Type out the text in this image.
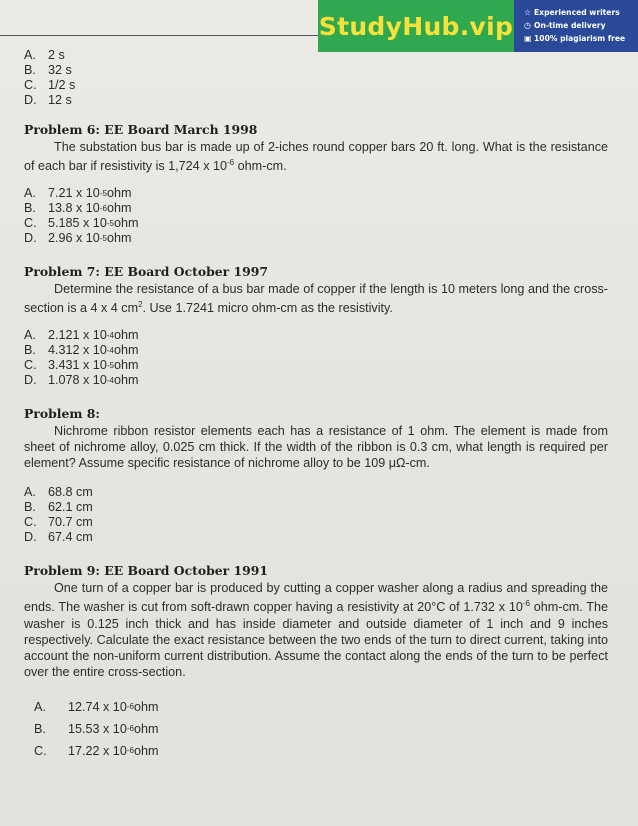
StudyHub.vip ☆ Experienced writers
◷ On-time delivery
▣ 100% plagiarism free
A. 2 s
B. 32 s
C. 1/2 s
D. 12 s
Problem 6: EE Board March 1998
The substation bus bar is made up of 2-iches round copper bars 20 ft. long. What is the resistance of each bar if resistivity is 1,724 x $10^{-6}$ ohm-cm.
A. 7.21 x 10 -5 ohm
B. 13.8 x 10 -6 ohm
C. 5.185 x 10 -5 ohm
D. 2.96 x 10 -5 ohm
Problem 7: EE Board October 1997
Determine the resistance of a bus bar made of copper if the length is 10 meters long and the cross-section is a 4 x 4 $cm^2$. Use 1.7241 micro ohm-cm as the resistivity.
A. 2.121 x 10 -4 ohm
B. 4.312 x 10 -4 ohm
C. 3.431 x 10 -5 ohm
D. 1.078 x 10 -4 ohm
Problem 8:
Nichrome ribbon resistor elements each has a resistance of 1 ohm. The element is made from sheet of nichrome alloy, 0.025 cm thick. If the width of the ribbon is 0.3 cm, what length is required per element? Assume specific resistance of nichrome alloy to be 109 μΩ-cm.
A. 68.8 cm
B. 62.1 cm
C. 70.7 cm
D. 67.4 cm
Problem 9: EE Board October 1991
One turn of a copper bar is produced by cutting a copper washer along a radius and spreading the ends. The washer is cut from soft-drawn copper having a resistivity at 20°C of 1.732 x $10^{-6}$ ohm-cm. The washer is 0.125 inch thick and has inside diameter and outside diameter of 1 inch and 9 inches respectively. Calculate the exact resistance between the two ends of the turn to direct current, taking into account the non-uniform current distribution. Assume the contact along the ends of the turn to be perfect over the entire cross-section.
A.	12.74 x 10 -6 ohm
B.	15.53 x 10 -6 ohm
C.	17.22 x 10 -6 ohm
